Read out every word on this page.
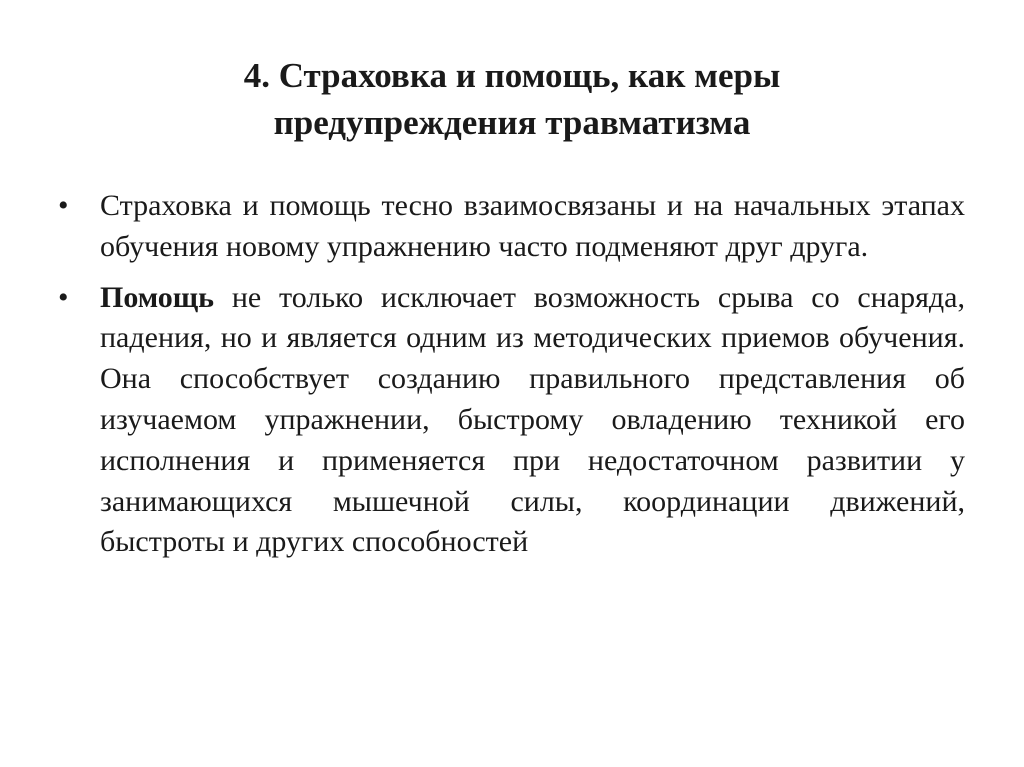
4. Страховка и помощь, как меры
предупреждения травматизма
• Страховка и помощь тесно взаимосвязаны и на начальных этапах обучения новому упражнению часто подменяют друг друга.
• Помощь не только исключает возможность срыва со снаряда, падения, но и является одним из методических приемов обучения. Она способствует созданию правильного представления об изучаемом упражнении, быстрому овладению техникой его исполнения и применяется при недостаточном развитии у занимающихся мышечной силы, координации движений, быстроты и других способностей
